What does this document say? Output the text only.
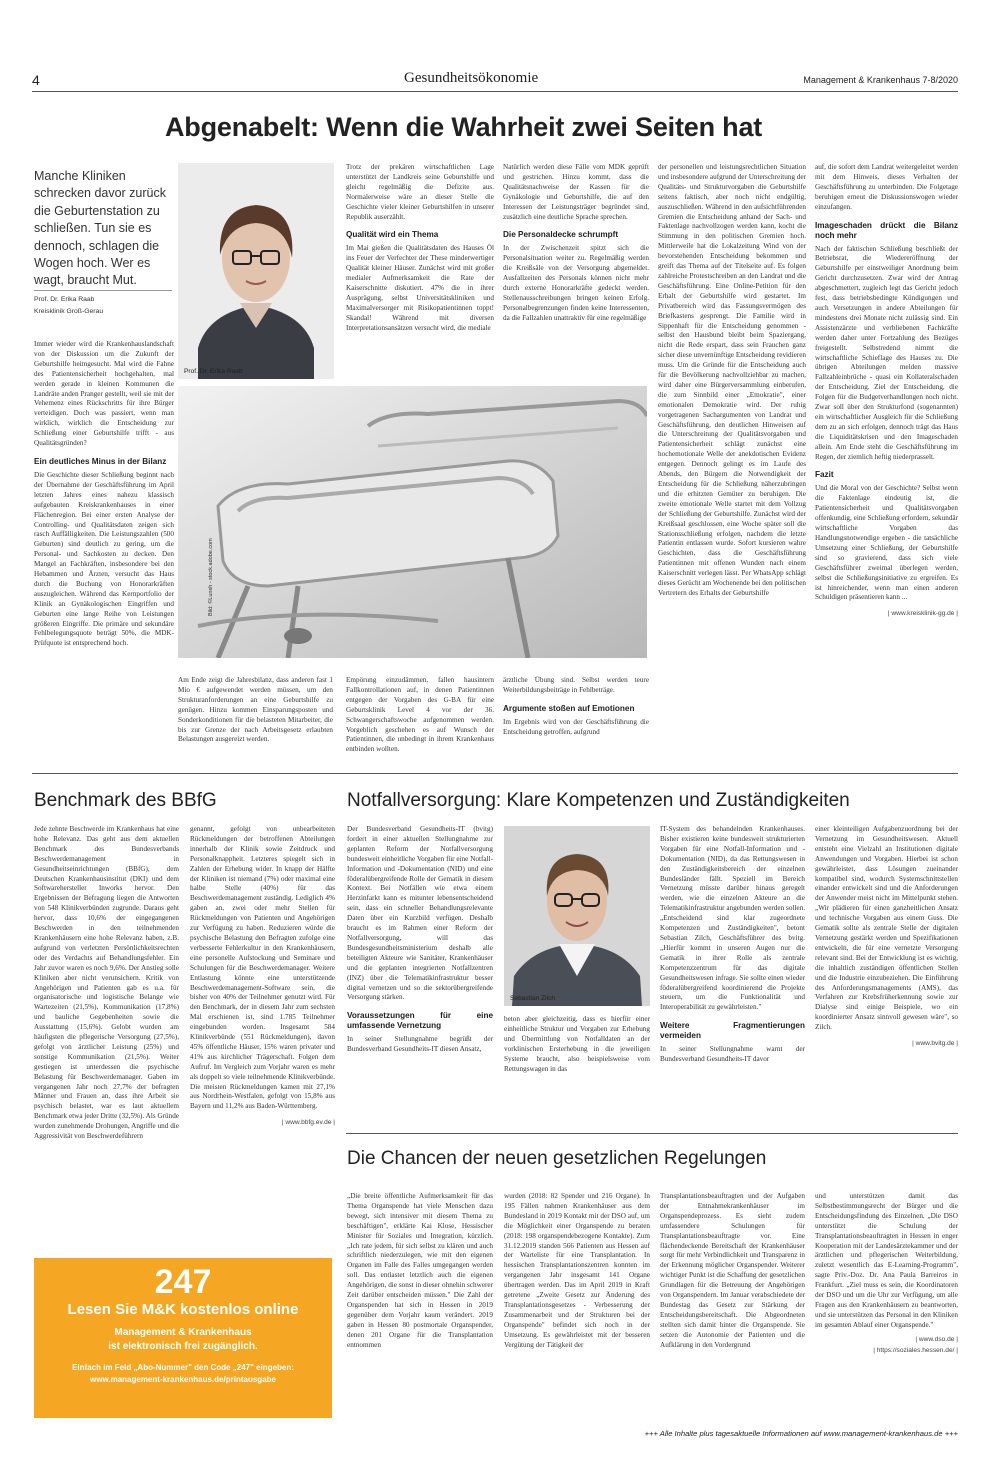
4	Gesundheitsökonomie	Management & Krankenhaus 7-8/2020
Abgenabelt: Wenn die Wahrheit zwei Seiten hat
Manche Kliniken schrecken davor zurück die Geburtenstation zu schließen. Tun sie es dennoch, schlagen die Wogen hoch. Wer es wagt, braucht Mut.
Prof. Dr. Erika Raab
Kreisklinik Groß-Gerau
Prof. Dr. Erika Raab

Immer wieder wird die Krankenhauslandschaft von der Diskussion um die Zukunft der Geburtshilfe heimgesucht. Mal wird die Fahne des Patientensicherheit hochgehalten, mal werden gerade in kleinen Kommunen die Landräte anden Pranger gestellt, weil sie mit der Vehemenz eines Rückschritts für ihre Bürger verteidigen. Doch was passiert, wenn man wirklich, wirklich die Entscheidung zur Schließung einer Geburtshilfe trifft - aus Qualitätsgründen?

Ein deutliches Minus in der Bilanz

Die Geschichte dieser Schließung beginnt nach der Übernahme der Geschäftsführung im April letzten Jahres eines nahezu klassisch aufgebauten Kreiskrankenhauses in einer Flächenregion. Bei einer ersten Analyse der Controlling- und Qualitätsdaten zeigen sich rasch Auffälligkeiten. Die Leistungszahlen (500 Geburten) sind deutlich zu gering, um die Personal- und Sachkosten zu decken. Den Mangel an Fachkräften, insbesondere bei den Hebammen und Ärzten, versucht das Haus durch die Buchung von Honorarkräften auszugleichen. Während das Kernportfolio der Klinik an Gynäkologischen Eingriffen und Geburten eine lange Reihe von Leistungen größeren Eingriffe. Die primäre und sekundäre Fehlbelegungsquote beträgt 50%, die MDK-Prüfquote ist entsprechend hoch.

Trotz der prekären wirtschaftlichen Lage unterstützt der Landkreis seine Geburtshilfe und gleicht regelmäßig die Defizite aus. Normalerweise wäre an dieser Stelle die Geschichte vieler kleiner Geburtshilfen in unserer Republik auserzählt.

Qualität wird ein Thema

Im Mai gießen die Qualitätsdaten des Hauses Öl ins Feuer der Verfechter der These minderwertiger Qualität kleiner Häuser. Zunächst wird mit großer medialer Aufmerksamkeit die Rate der Kaiserschnitte diskutiert. 47% die in ihrer Ausprägung, selbst Universitätskliniken und Maximalversorger mit Risikopatientinnen toppt! Skandal! Während mit diversen Interpretationsansätzen versucht wird, die mediale

Natürlich werden diese Fälle vom MDK geprüft und gestrichen. Hinzu kommt, dass die Qualitätsnachweise der Kassen für die Gynäkologie und Geburtshilfe, die auf den Interessen der Leistungsträger begründet sind, zusätzlich eine deutliche Sprache sprechen.

Die Personaldecke schrumpft

In der Zwischenzeit spitzt sich die Personalsituation weiter zu. Regelmäßig werden die Kreißsäle von der Versorgung abgemeldet. Ausfallzeiten des Personals können nicht mehr durch externe Honorarkräfte gedeckt werden. Stellenausschreibungen bringen keinen Erfolg. Personalbegrenzungen finden keine Interessenten, da die Fallzahlen unattraktiv für eine regelmäßige

der personellen und leistungsrechtlichen Situation und insbesondere aufgrund der Unterschreitung der Qualitäts- und Strukturvorgaben die Geburtshilfe seitens faktisch, aber noch nicht endgültig, auszuschließen. Während in den aufsichtführenden Gremien die Entscheidung anhand der Sach- und Faktenlage nachvollzogen werden kann, kocht die Stimmung in den politischen Gremien hoch. Mittlerweile hat die Lokalzeitung Wind von der bevorstehenden Entscheidung bekommen und greift das Thema auf der Titelseite auf. Es folgen zahlreiche Protestschreiben an den Landrat und die Geschäftsführung. Eine Online-Petition für den Erhalt der Geburtshilfe wird gestartet. Im Privatbereich wird das Fassungsvermögen des Briefkastens gesprengt. Die Familie wird in Sippenhaft für die Entscheidung genommen - selbst den Hausbund bleibt beim Spaziergang, nicht die Rede erspart, dass sein Frauchen ganz sicher diese unvernünftige Entscheidung revidieren muss. Um die Gründe für die Entscheidung auch für die Bevölkerung nachvollziehbar zu machen, wird daher eine Bürgerversammlung einberufen, die zum Sinnbild einer „Emokratie", einer emotionalen Demokratie wird. Der ruhig vorgetragenen Sachargumenten von Landrat und Geschäftsführung, den deutlichen Hinweisen auf die Unterschreitung der Qualitätsvorgaben und Patientensicherheit schlägt zunächst eine hochemotionale Welle der anekdotischen Evidenz entgegen. Dennoch gelingt es im Laufe des Abends, den Bürgern die Notwendigkeit der Entscheidung für die Schließung näherzubringen und die erhitzten Gemüter zu beruhigen. Die zweite emotionale Welle startet mit dem Vollzug der Schließung der Geburtshilfe. Zunächst wird der Kreißsaal geschlossen, eine Woche später soll die Stationsschließung erfolgen, nachdem die letzte Patientin entlassen wurde. Sofort kursieren wahre Geschichten, dass die Geschäftsführung Patientinnen mit offenen Wunden nach einem Kaiserschnitt verlegen lässt. Per WhatsApp schlägt dieses Gerücht am Wochenende bei den politischen Vertretern des Erhalts der Geburtshilfe

auf, die sofort dem Landrat weitergeleitet werden mit dem Hinweis, dieses Verhalten der Geschäftsführung zu unterbinden. Die Folgetage beruhigen erneut die Diskussionswogen wieder einzufangen.

Imageschaden drückt die Bilanz noch mehr

Nach der faktischen Schließung beschließt der Betriebsrat, die Wiedereröffnung der Geburtshilfe per einstweiliger Anordnung beim Gericht durchzusetzen. Zwar wird der Antrag abgeschmettert, zugleich legt das Gericht jedoch fest, dass betriebsbedingte Kündigungen und auch Versetzungen in andere Abteilungen für mindestens drei Monate nicht zulässig sind. Ein Assistenzärzte und verbliebenen Fachkräfte werden daher unter Fortzahlung des Bezüges freigestellt. Selbstredend nimmt die wirtschaftliche Schieflage des Hauses zu. Die übrigen Abteilungen melden massive Fallzahleinbrüche - quasi ein Kollateralschaden der Entscheidung. Ziel der Entscheidung, die Folgen für die Budgetverhandlungen noch nicht. Zwar soll über den Strukturfond (sogenannten) ein wirtschaftlicher Ausgleich für die Schließung dem zu an sich erfolgen, dennoch trägt das Haus die Liquiditätskrisen und den Imageschaden allein. Am Ende steht die Geschäftsführung im Regen, der ziemlich heftig niederprasselt.

Fazit

Und die Moral von der Geschichte? Selbst wenn die Faktenlage eindeutig ist, die Patientensicherheit und Qualitätsvorgaben offenkundig, eine Schließung erfordern, sekundär wirtschaftliche Vorgaben das Handlungsnotwendige ergeben - die tatsächliche Umsetzung einer Schließung, der Geburtshilfe sind so gravierend, dass sich viele Geschäftsführer zweimal überlegen werden, selbst die Schließungsinitiative zu ergreifen. Es ist hinreichender, wenn man einen anderen Schuldigen präsentieren kann ...

| www.kreisklinik-gg.de |
Bild: ©Lunsh - stock.adobe.com

Am Ende zeigt die Jahresbilanz, dass anderen fast 1 Mio € aufgewendet werden müssen, um den Strukturanforderungen an eine Geburtshilfe zu genügen. Hinzu kommen Einsparungsposten und Sonderkonditionen für die belasteten Mitarbeiter, die bis zur Grenze der nach Arbeitsgesetz erlaubten Belastungen ausgereizt werden.

Empörung einzudämmen, fallen hausintern Fallkontrollationen auf, in denen Patientinnen entgegen der Vorgaben des G-BA für eine Geburtsklinik Level 4 vor der 36. Schwangerschaftswoche aufgenommen werden. Vorgeblich geschehen es auf Wunsch der Patientinnen, die unbedingt in ihrem Krankenhaus entbinden wollten.

ärztliche Übung sind. Selbst werden teure Weiterbildungsbeiträge in Fehlbeträge.

Argumente stoßen auf Emotionen

Im Ergebnis wird von der Geschäftsführung die Entscheidung getroffen, aufgrund

Benchmark des BBfG

Jede zehnte Beschwerde im Krankenhaus hat eine hohe Relevanz. Das geht aus dem aktuellen Benchmark des Bundesverbands Beschwerdemanagement in Gesundheitseinrichtungen (BBfG), dem Deutschen Krankenhausinstitut (DKI) und dem Softwarehersteller Inworks hervor. Den Ergebnissen der Befragung liegen die Antworten von 548 Klinikverbünden zugrunde. Daraus geht hervor, dass 10,6% der eingegangenen Beschwerden in den teilnehmenden Krankenhäusern eine hohe Relevanz haben, z.B. aufgrund von verletzten Persönlichkeitsrechten oder des Verdachts auf Behandlungsfehler. Ein Jahr zuvor waren es noch 9,6%. Der Anstieg solle Kliniken aber nicht verunsichern. Kritik von Angehörigen und Patienten gab es u.a. für organisatorische und logistische Belange wie Wartezeiten (21,5%), Kommunikation (17,8%) und bauliche Gegebenheiten sowie die Ausstattung (15,6%). Gelobt wurden am häufigsten die pflegerische Versorgung (27,5%), gefolgt von ärztlicher Leistung (25%) und sonstige Kommunikation (21,5%). Weiter gestiegen ist unterdessen die psychische Belastung für Beschwerdemanager. Gaben im vergangenen Jahr noch 27,7% der befragten Männer und Frauen an, dass ihre Arbeit sie psychisch belastet, war es laut aktuellem Benchmark etwa jeder Dritte (32,5%). Als Gründe wurden zunehmende Drohungen, Angriffe und die Aggressivität von Beschwerdeführern

genannt, gefolgt von unbearbeiteten Rückmeldungen der betroffenen Abteilungen innerhalb der Klinik sowie Zeitdruck und Personalknappheit. Letzteres spiegelt sich in Zahlen der Erhebung wider. In knapp der Hälfte der Kliniken ist niemand (7%) oder maximal eine halbe Stelle (40%) für das Beschwerdemanagement zuständig. Lediglich 4% gaben an, zwei oder mehr Stellen für Rückmeldungen von Patienten und Angehörigen zur Verfügung zu haben. Reduzieren würde die psychische Belastung den Befragten zufolge eine verbesserte Fehlerkultur in den Krankenhäusern, eine personelle Aufstockung und Seminare und Schulungen für die Beschwerdemanager. Weitere Entlastung könnte eine unterstützende Beschwerdemanagement-Software sein, die bisher von 40% der Teilnehmer genutzt wird. Für den Benchmark, der in diesem Jahr zum sechsten Mal erschienen ist, sind 1.785 Teilnehmer eingebunden worden. Insgesamt 584 Klinikverbünde (551 Rückmeldungen), davon 45% öffentliche Häuser, 15% waren privater und 41% aus kirchlicher Trägerschaft. Folgen dem Aufruf. Im Vergleich zum Vorjahr waren es mehr als doppelt so viele teilnehmende Klinikverbünde. Die meisten Rückmeldungen kamen mit 27,1% aus Nordrhein-Westfalen, gefolgt von 15,8% aus Bayern und 11,2% aus Baden-Württemberg.

| www.bbfg.ev.de |
247
Lesen Sie M&K kostenlos online
Management & Krankenhaus
ist elektronisch frei zugänglich.
Einfach im Feld „Abo-Nummer" den Code „247" eingeben:
www.management-krankenhaus.de/printausgabe
Notfallversorgung: Klare Kompetenzen und Zuständigkeiten

Der Bundesverband Gesundheits-IT (bvitg) fordert in einer aktuellen Stellungnahme zur geplanten Reform der Notfallversorgung bundesweit einheitliche Vorgaben für eine Notfall-Information und -Dokumentation (NID) und eine föderalübergreifende Rolle der Gematik in diesem Kontext. Bei Notfällen wie etwa einem Herzinfarkt kann es mitunter lebensentscheidend sein, dass ein schneller Behandlungsrelevante Daten über ein Kurzbild verfügen. Deshalb braucht es im Rahmen einer Reform der Notfallversorgung, will das Bundesgesundheitsministerium deshalb alle beteiligten Akteure wie Sanitäter, Krankenhäuser und die geplanten integrierten Notfallzentren (INZ) über die Telematikinfrastruktur besser digital vernetzen und so die sektorübergreifende Versorgung stärken.

Voraussetzungen für eine umfassende Vernetzung

In seiner Stellungnahme begrüßt der Bundesverband Gesundheits-IT diesen Ansatz,

Sebastian Zilch

beton aber gleichzeitig, dass es hierfür einer einheitliche Struktur und Vorgaben zur Erhebung und Übermittlung von Notfalldaten an der vorklinischen Ersterhebung in die jeweiligen Systeme braucht, also beispielsweise vom Rettungswagen in das

IT-System des behandelnden Krankenhauses. Bisher existieren keine bundesweit strukturierten Vorgaben für eine Notfall-Information und -Dokumentation (NID), da das Rettungswesen in den Zuständigkeitsbereich der einzelnen Bundesländer fällt. Speziell im Bereich Vernetzung müsste darüber hinaus geregelt werden, wie die einzelnen Akteure an die Telematikinfrastruktur angebunden werden sollen. „Entscheidend sind klar zugeordnete Kompetenzen und Zuständigkeiten", betont Sebastian Zilch, Geschäftsführer des bvitg. „Hierfür kommt in unseren Augen nur die Gematik in ihrer Rolle als zentrale Kompetenzzentrum für das digitale Gesundheitswesen infrage. Sie sollte einen wieder föderalübergreifend koordinierend die Projekte steuern, um die Funktionalität und Interoperabilität zu gewährleisten."

Weitere Fragmentierungen vermeiden

In seiner Stellungnahme warnt der Bundesverband Gesundheits-IT davor

einer kleinteiligen Aufgabenzuordnung bei der Vernetzung im Gesundheitswesen. Aktuell entsteht eine Vielzahl an Institutionen digitale Anwendungen und Vorgaben. Hierbei ist schon gewährleistet, dass Lösungen zueinander kompatibel sind, wodurch Systemschnittstellen einander entwickelt sind und die Anforderungen der Anwender meist nicht im Mittelpunkt stehen. „Wir plädieren für einen ganzheitlichen Ansatz und technische Vorgaben aus einem Guss. Die Gematik sollte als zentrale Stelle der digitalen Vernetzung gestärkt werden und Spezifikationen entwickeln, die für eine vernetzte Versorgung relevant sind. Bei der Entwicklung ist es wichtig, die inhaltlich zuständigen öffentlichen Stellen und die Industrie einzubeziehen. Die Einführung des Anforderungsmanagements (AMS), das Verfahren zur Krebsfrüherkennung sowie zur Dialyse sind einige Beispiele, wo ein koordinierter Ansatz sinnvoll gewesen wäre", so Zilch.

| www.bvitg.de |
Die Chancen der neuen gesetzlichen Regelungen

„Die breite öffentliche Aufmerksamkeit für das Thema Organspende hat viele Menschen dazu bewegt, sich intensiver mit diesem Thema zu beschäftigen", erklärte Kai Klose, Hessischer Minister für Soziales und Integration, kürzlich. „Ich rate jedem, für sich selbst zu klären und auch schriftlich niederzulegen, wie mit den eigenen Organen im Falle des Falles umgegangen werden soll. Das entlastet letztlich auch die eigenen Angehörigen, die sonst in dieser ohnehin schwerer Zeit darüber entscheiden müssen." Die Zahl der Organspenden hat sich in Hessen in 2019 gegenüber dem Vorjahr kaum verändert. 2019 gaben in Hessen 80 postmortale Organspender, denen 201 Organe für die Transplantation entnommen

wurden (2018: 82 Spender und 216 Organe). In 195 Fällen nahmen Krankenhäuser aus dem Bundesland in 2019 Kontakt mit der DSO auf, um die Möglichkeit einer Organspende zu beraten (2018: 198 organspendebezogene Kontakte). Zum 31.12.2019 standen 566 Patienten aus Hessen auf der Warteliste für eine Transplantation. In hessischen Transplantationszentren konnten im vergangenen Jahr insgesamt 141 Organe übertragen werden. Das im April 2019 in Kraft getretene „Zweite Gesetz zur Änderung des Transplantationsgesetzes - Verbesserung der Zusammenarbeit und der Strukturen bei der Organspende" befindet sich noch in der Umsetzung. Es gewährleistet mit der besseren Vergütung der Tätigkeit der

Transplantationsbeauftragten und der Aufgaben der Entnahmekrankenhäuser im Organspendeprozess. Es sieht zudem umfassendere Schulungen für Transplantationsbeauftragte vor. Eine flächendeckende Bereitschaft der Krankenhäuser sorgt für mehr Verbindlichkeit und Transparenz in der Erkennung möglicher Organspender. Weiterer wichtiger Punkt ist die Schaffung der gesetzlichen Grundlagen für die Betreuung der Angehörigen von Organspendern. Im Januar verabschiedete der Bundestag das Gesetz zur Stärkung der Entscheidungsbereitschaft. Die Abgeordneten stellten sich damit hinter die Organspende. Sie setzen die Autonomie der Patienten und die Aufklärung in den Vordergrund

und unterstützen damit das Selbstbestimmungsrecht der Bürger und die Entscheidungsfindung des Einzelnen. „Die DSO unterstützt die Schulung der Transplantationsbeauftragten in Hessen in enger Kooperation mit der Landesärztekammer und der ärztlichen und pflegerischen Weiterbildung, zuletzt wesentlich das E-Learning-Programm", sagte Priv.-Doz. Dr. Ana Paula Barreiros in Frankfurt. „Ziel muss es sein, die Koordinatoren der DSO und um die Uhr zur Verfügung, um alle Fragen aus den Krankenhäusern zu beantworten, und sie unterstützen das Personal in den Kliniken im gesamten Ablauf einer Organspende."

| www.dso.de |
| https://soziales.hessen.de/ |
+++ Alle Inhalte plus tagesaktuelle Informationen auf www.management-krankenhaus.de +++
